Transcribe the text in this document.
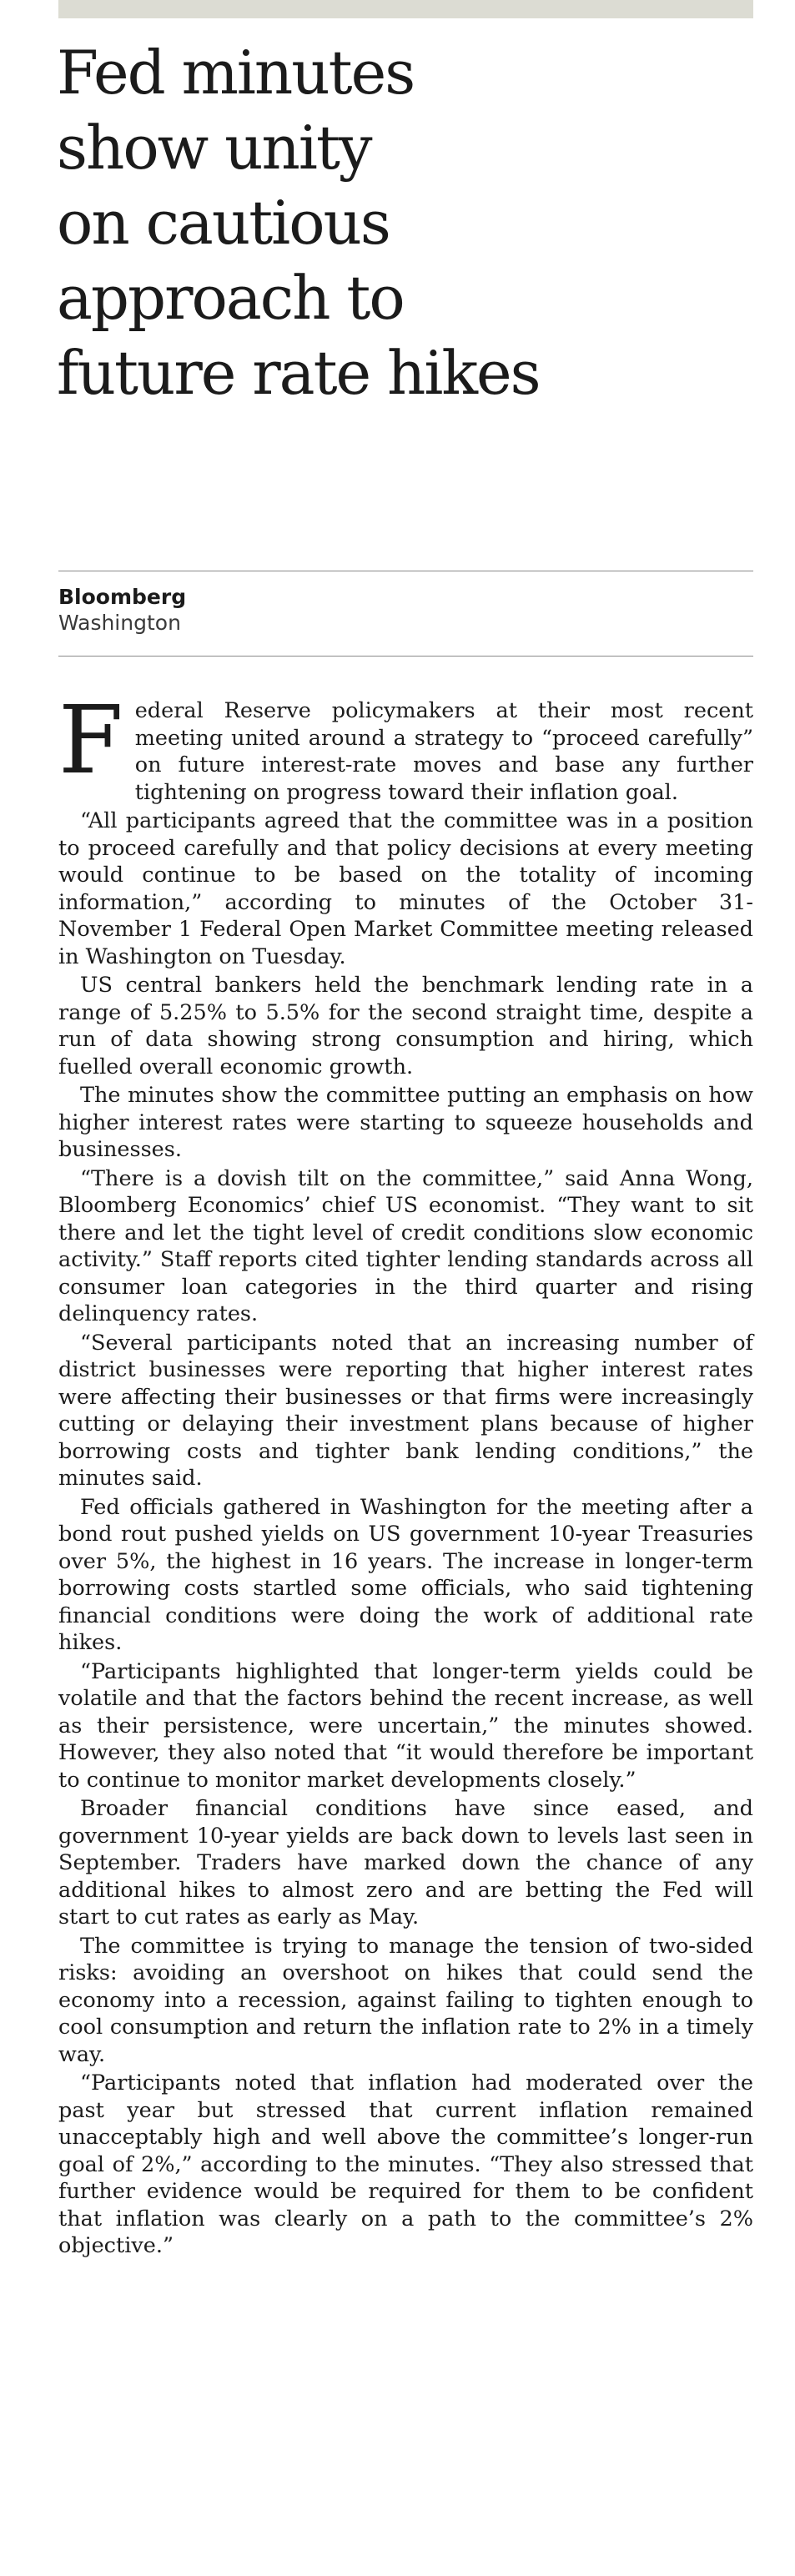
Fed minutes
show unity
on cautious
approach to
future rate hikes
Bloomberg
Washington

Federal Reserve policymakers at their most recent meeting united around a strategy to “proceed carefully” on future interest-rate moves and base any further tightening on progress toward their inflation goal.

“All participants agreed that the committee was in a position to proceed carefully and that policy decisions at every meeting would continue to be based on the totality of incoming information,” according to minutes of the October 31-November 1 Federal Open Market Committee meeting released in Washington on Tuesday.

US central bankers held the benchmark lending rate in a range of 5.25% to 5.5% for the second straight time, despite a run of data showing strong consumption and hiring, which fuelled overall economic growth.

The minutes show the committee putting an emphasis on how higher interest rates were starting to squeeze households and businesses.

“There is a dovish tilt on the committee,” said Anna Wong, Bloomberg Economics’ chief US economist. “They want to sit there and let the tight level of credit conditions slow economic activity.” Staff reports cited tighter lending standards across all consumer loan categories in the third quarter and rising delinquency rates.

“Several participants noted that an increasing number of district businesses were reporting that higher interest rates were affecting their businesses or that firms were increasingly cutting or delaying their investment plans because of higher borrowing costs and tighter bank lending conditions,” the minutes said.

Fed officials gathered in Washington for the meeting after a bond rout pushed yields on US government 10-year Treasuries over 5%, the highest in 16 years. The increase in longer-term borrowing costs startled some officials, who said tightening financial conditions were doing the work of additional rate hikes.

“Participants highlighted that longer-term yields could be volatile and that the factors behind the recent increase, as well as their persistence, were uncertain,” the minutes showed. However, they also noted that “it would therefore be important to continue to monitor market developments closely.”

Broader financial conditions have since eased, and government 10-year yields are back down to levels last seen in September. Traders have marked down the chance of any additional hikes to almost zero and are betting the Fed will start to cut rates as early as May.

The committee is trying to manage the tension of two-sided risks: avoiding an overshoot on hikes that could send the economy into a recession, against failing to tighten enough to cool consumption and return the inflation rate to 2% in a timely way.

“Participants noted that inflation had moderated over the past year but stressed that current inflation remained unacceptably high and well above the committee’s longer-run goal of 2%,” according to the minutes. “They also stressed that further evidence would be required for them to be confident that inflation was clearly on a path to the committee’s 2% objective.”
